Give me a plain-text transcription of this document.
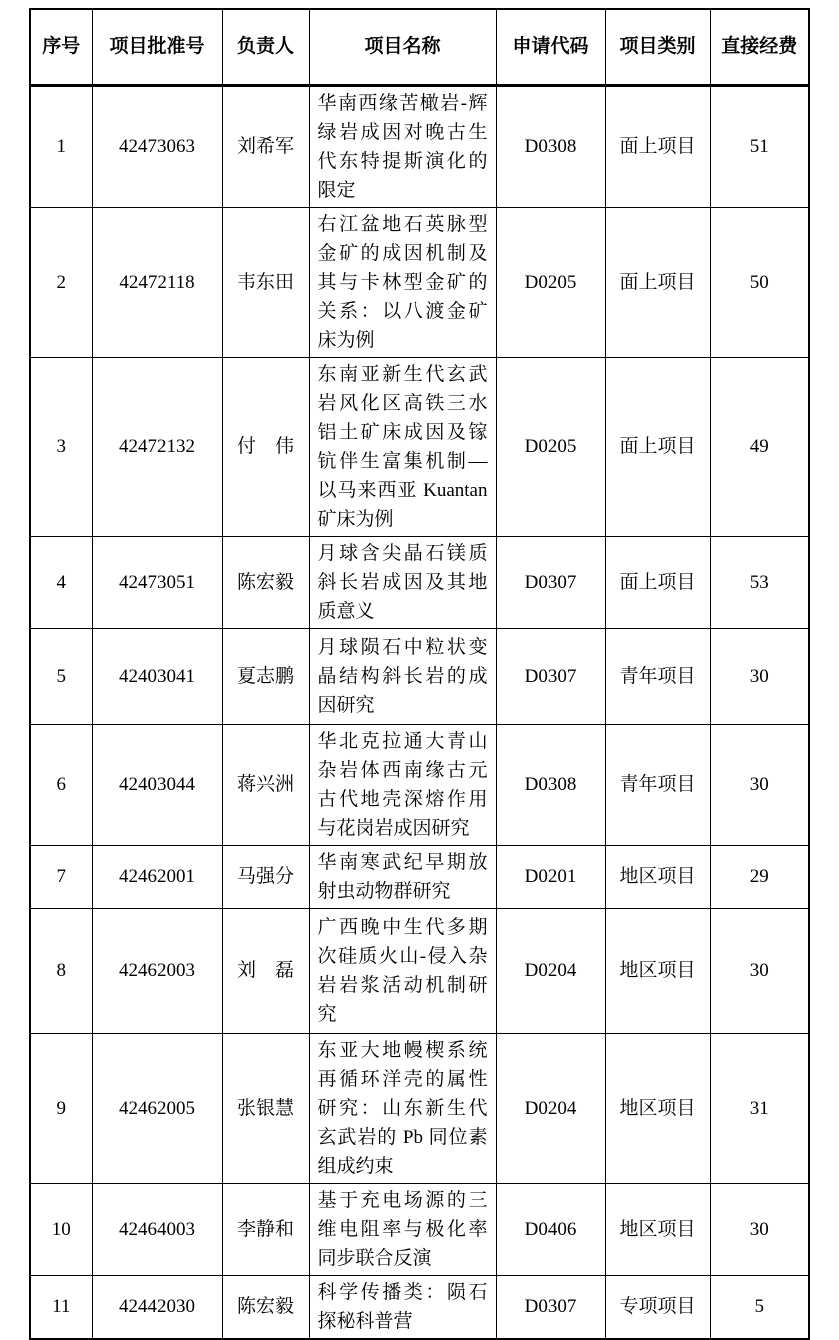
序号	项目批准号	负责人	项目名称	申请代码	项目类别	直接经费
1	42473063	刘希军	华南西缘苦橄岩-辉绿岩成因对晚古生代东特提斯演化的限定	D0308	面上项目	51
2	42472118	韦东田	右江盆地石英脉型金矿的成因机制及其与卡林型金矿的关系：以八渡金矿床为例	D0205	面上项目	50
3	42472132	付　伟	东南亚新生代玄武岩风化区高铁三水铝土矿床成因及镓钪伴生富集机制—以马来西亚 Kuantan 矿床为例	D0205	面上项目	49
4	42473051	陈宏毅	月球含尖晶石镁质斜长岩成因及其地质意义	D0307	面上项目	53
5	42403041	夏志鹏	月球陨石中粒状变晶结构斜长岩的成因研究	D0307	青年项目	30
6	42403044	蒋兴洲	华北克拉通大青山杂岩体西南缘古元古代地壳深熔作用与花岗岩成因研究	D0308	青年项目	30
7	42462001	马强分	华南寒武纪早期放射虫动物群研究	D0201	地区项目	29
8	42462003	刘　磊	广西晚中生代多期次硅质火山-侵入杂岩岩浆活动机制研究	D0204	地区项目	30
9	42462005	张银慧	东亚大地幔楔系统再循环洋壳的属性研究：山东新生代玄武岩的 Pb 同位素组成约束	D0204	地区项目	31
10	42464003	李静和	基于充电场源的三维电阻率与极化率同步联合反演	D0406	地区项目	30
11	42442030	陈宏毅	科学传播类：陨石探秘科普营	D0307	专项项目	5
